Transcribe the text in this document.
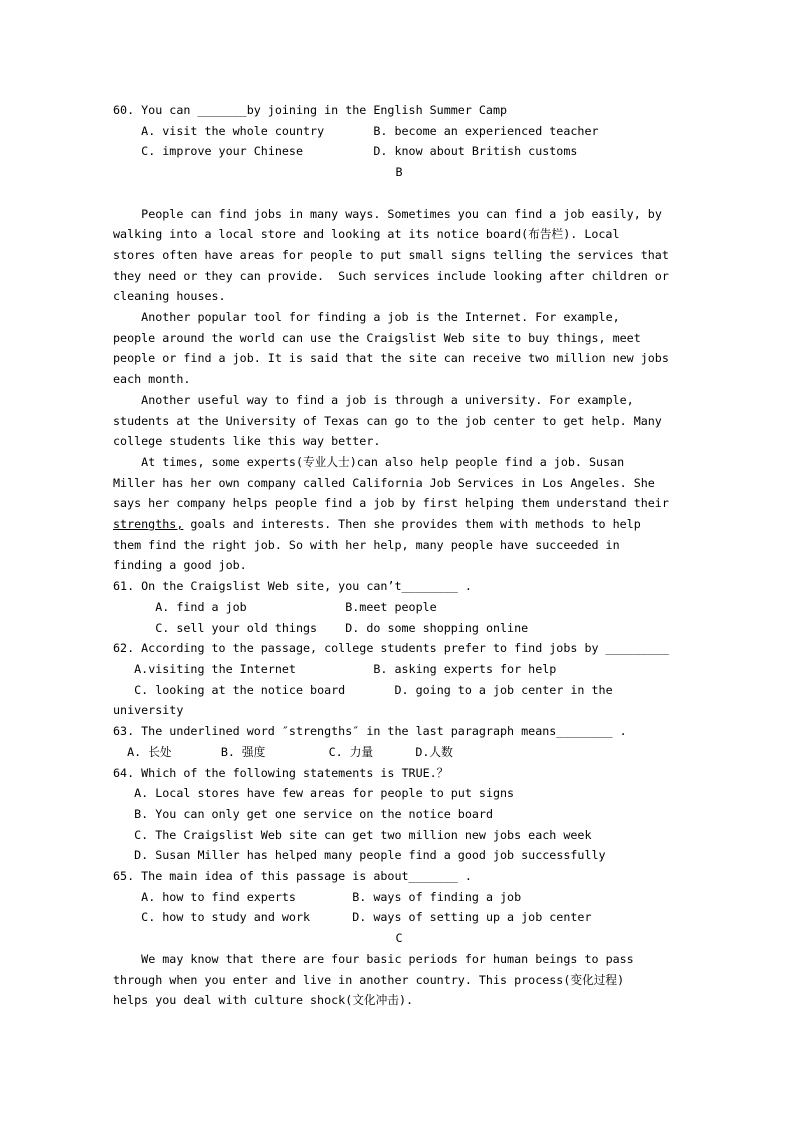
60. You can _______by joining in the English Summer Camp
A. visit the whole country       B. become an experienced teacher
C. improve your Chinese          D. know about British customs
B

People can find jobs in many ways. Sometimes you can find a job easily, by
walking into a local store and looking at its notice board(布告栏). Local
stores often have areas for people to put small signs telling the services that
they need or they can provide.  Such services include looking after children or
cleaning houses.
Another popular tool for finding a job is the Internet. For example,
people around the world can use the Craigslist Web site to buy things, meet
people or find a job. It is said that the site can receive two million new jobs
each month.
Another useful way to find a job is through a university. For example,
students at the University of Texas can go to the job center to get help. Many
college students like this way better.
At times, some experts(专业人士)can also help people find a job. Susan
Miller has her own company called California Job Services in Los Angeles. She
says her company helps people find a job by first helping them understand their
strengths, goals and interests. Then she provides them with methods to help
them find the right job. So with her help, many people have succeeded in
finding a good job.
61. On the Craigslist Web site, you can’t________ .
A. find a job              B.meet people
C. sell your old things    D. do some shopping online
62. According to the passage, college students prefer to find jobs by _________
A.visiting the Internet           B. asking experts for help
C. looking at the notice board       D. going to a job center in the
university
63. The underlined word ″strengths″ in the last paragraph means________ .
A. 长处       B. 强度         C. 力量      D.人数
64. Which of the following statements is TRUE.？
A. Local stores have few areas for people to put signs
B. You can only get one service on the notice board
C. The Craigslist Web site can get two million new jobs each week
D. Susan Miller has helped many people find a good job successfully
65. The main idea of this passage is about_______ .
A. how to find experts        B. ways of finding a job
C. how to study and work      D. ways of setting up a job center
C
We may know that there are four basic periods for human beings to pass
through when you enter and live in another country. This process(变化过程)
helps you deal with culture shock(文化冲击).
